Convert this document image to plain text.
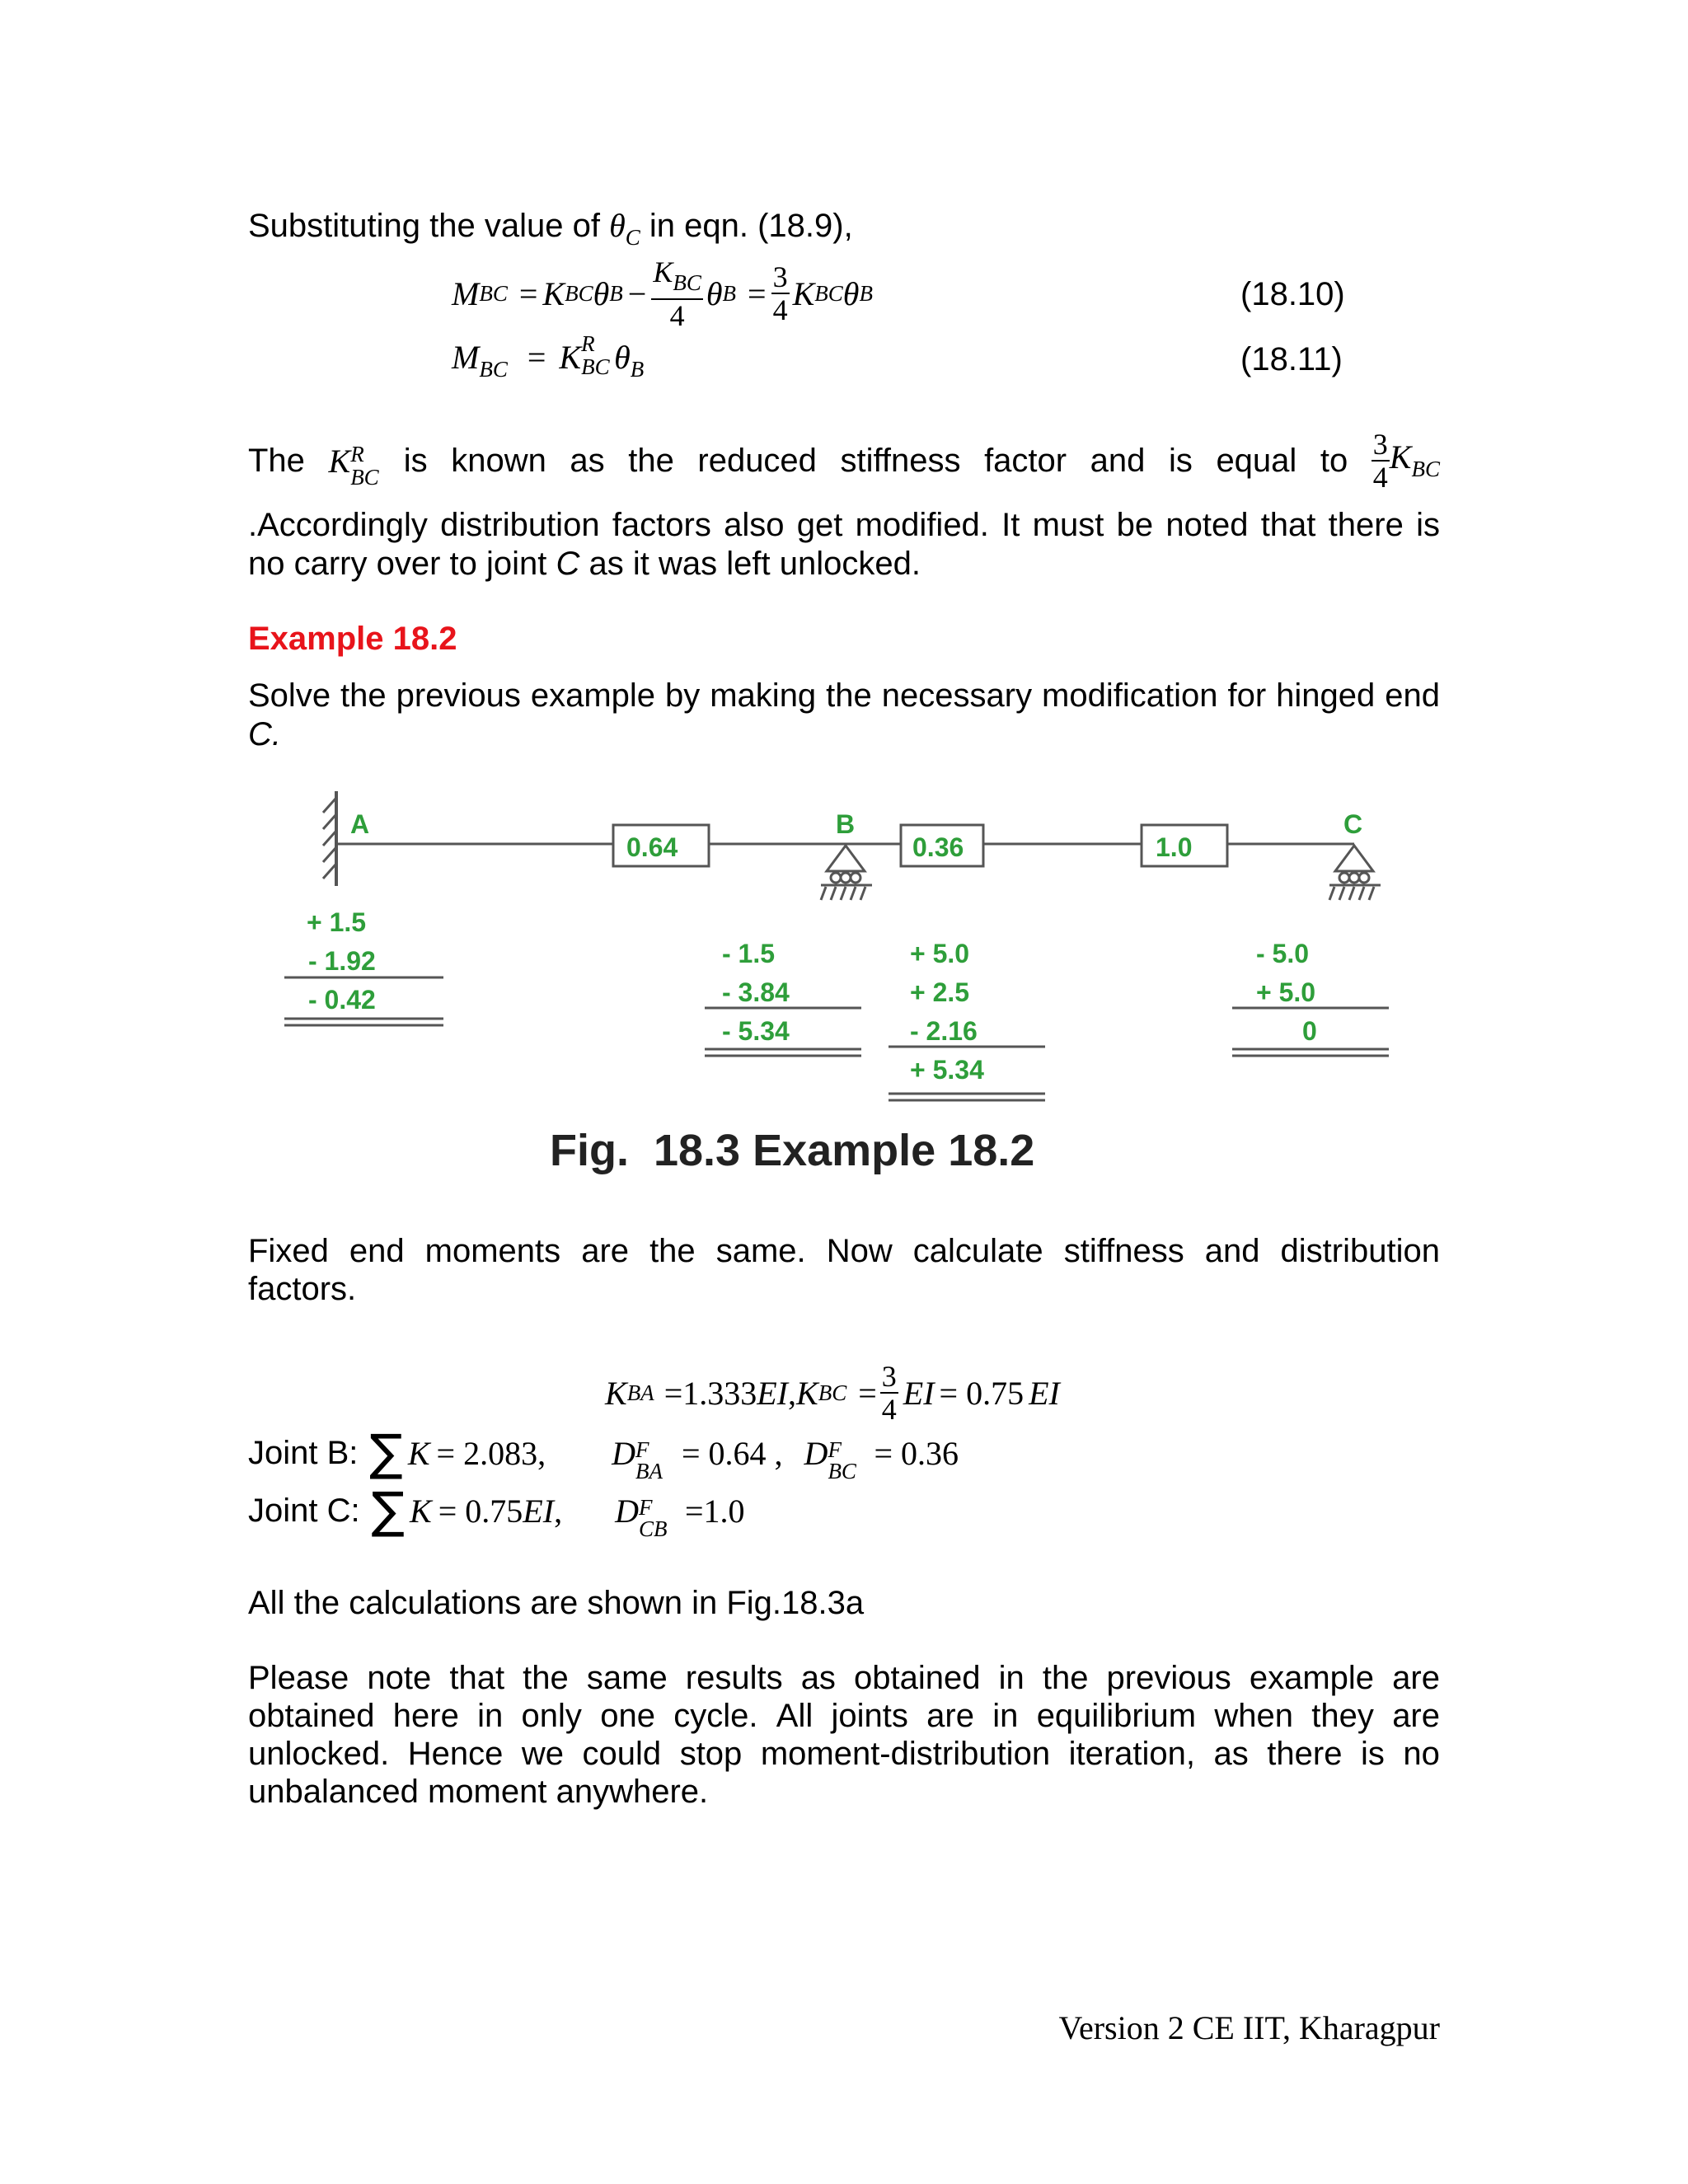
Substituting the value of $\theta_C$ in eqn. (18.9),
M BC = K BC θ $B - \frac{K_{BC}}{4}$ θ $B = \frac{3}{4}$ K BC θ B	(18.10)
$M_{BC} = K$ R
BC $\theta_B$	(18.11)
The K R
BC is known as the reduced stiffness factor and is equal to $\frac{3}{4} K_{BC}$
.Accordingly distribution factors also get modified. It must be noted that there is
no carry over to joint C as it was left unlocked.
Example 18.2
Solve the previous example by making the necessary modification for hinged end
C.
A	B	C
0.64	0.36	1.0
+ 1.5
- 1.92
- 0.42
- 1.5
- 3.84
- 5.34
+ 5.0
+ 2.5
- 2.16
+ 5.34
- 5.0
+ 5.0
0
Fig.  18.3 Example 18.2
Fixed end moments are the same. Now calculate stiffness and distribution
factors.
K BA =1.333 EI , K BC = $\frac{3}{4}$ EI = 0.75 EI
Joint B: ∑ K = 2.083, D F
BA = 0.64 , D F
BC = 0.36
Joint C: ∑ K = 0.75 EI , D F
CB =1.0
All the calculations are shown in Fig.18.3a
Please note that the same results as obtained in the previous example are
obtained here in only one cycle. All joints are in equilibrium when they are
unlocked. Hence we could stop moment-distribution iteration, as there is no
unbalanced moment anywhere.
Version 2 CE IIT, Kharagpur
